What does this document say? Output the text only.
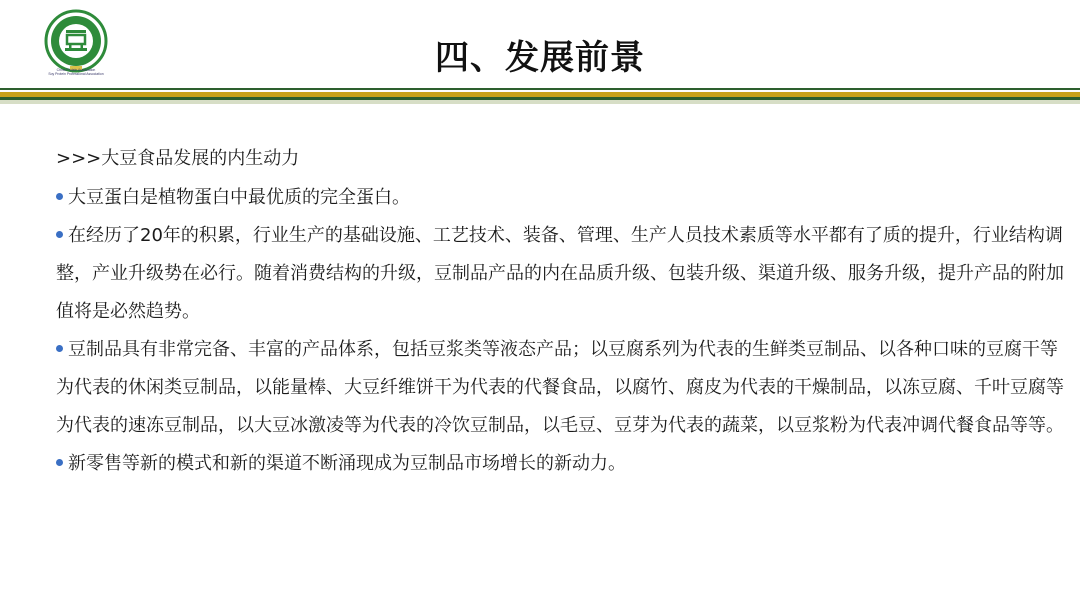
China Protein Association
Soy Protein Professional Association	四、发展前景

>>>大豆食品发展的内生动力

大豆蛋白是植物蛋白中最优质的完全蛋白。

在经历了20年的积累，行业生产的基础设施、工艺技术、装备、管理、生产人员技术素质等水平都有了质的提升，行业结构调整，产业升级势在必行。随着消费结构的升级，豆制品产品的内在品质升级、包装升级、渠道升级、服务升级，提升产品的附加值将是必然趋势。

豆制品具有非常完备、丰富的产品体系，包括豆浆类等液态产品；以豆腐系列为代表的生鲜类豆制品、以各种口味的豆腐干等为代表的休闲类豆制品，以能量棒、大豆纤维饼干为代表的代餐食品，以腐竹、腐皮为代表的干燥制品，以冻豆腐、千叶豆腐等为代表的速冻豆制品，以大豆冰激凌等为代表的冷饮豆制品，以毛豆、豆芽为代表的蔬菜，以豆浆粉为代表冲调代餐食品等等。

新零售等新的模式和新的渠道不断涌现成为豆制品市场增长的新动力。
